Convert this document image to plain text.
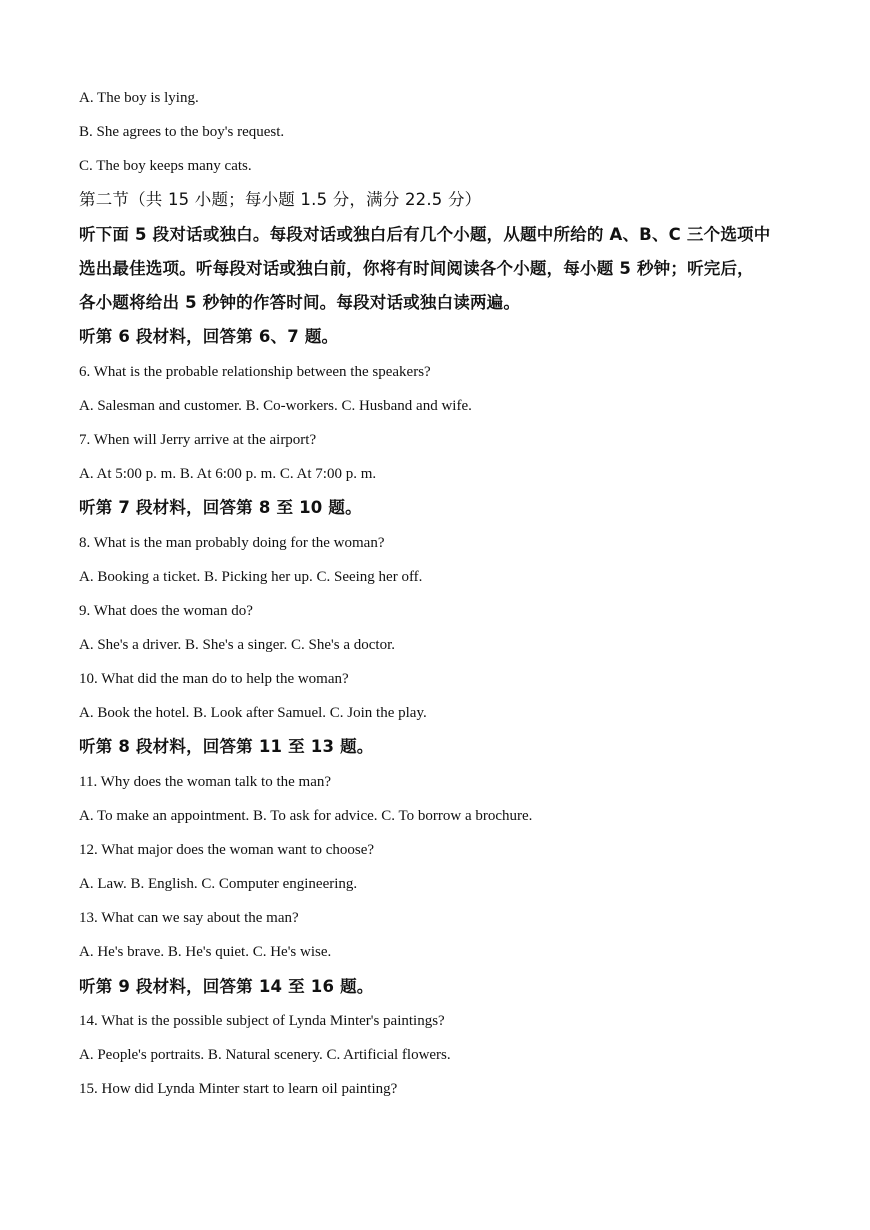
A. The boy is lying.
B. She agrees to the boy's request.
C. The boy keeps many cats.
第二节（共 15 小题；每小题 1.5 分，满分 22.5 分）
听下面 5 段对话或独白。每段对话或独白后有几个小题，从题中所给的 A、B、C 三个选项中
选出最佳选项。听每段对话或独白前，你将有时间阅读各个小题，每小题 5 秒钟；听完后，
各小题将给出 5 秒钟的作答时间。每段对话或独白读两遍。
听第 6 段材料，回答第 6、7 题。
6. What is the probable relationship between the speakers?
A. Salesman and customer. B. Co-workers. C. Husband and wife.
7. When will Jerry arrive at the airport?
A. At 5:00 p. m. B. At 6:00 p. m. C. At 7:00 p. m.
听第 7 段材料，回答第 8 至 10 题。
8. What is the man probably doing for the woman?
A. Booking a ticket. B. Picking her up. C. Seeing her off.
9. What does the woman do?
A. She's a driver. B. She's a singer. C. She's a doctor.
10. What did the man do to help the woman?
A. Book the hotel. B. Look after Samuel. C. Join the play.
听第 8 段材料，回答第 11 至 13 题。
11. Why does the woman talk to the man?
A. To make an appointment. B. To ask for advice. C. To borrow a brochure.
12. What major does the woman want to choose?
A. Law. B. English. C. Computer engineering.
13. What can we say about the man?
A. He's brave. B. He's quiet. C. He's wise.
听第 9 段材料，回答第 14 至 16 题。
14. What is the possible subject of Lynda Minter's paintings?
A. People's portraits. B. Natural scenery. C. Artificial flowers.
15. How did Lynda Minter start to learn oil painting?
